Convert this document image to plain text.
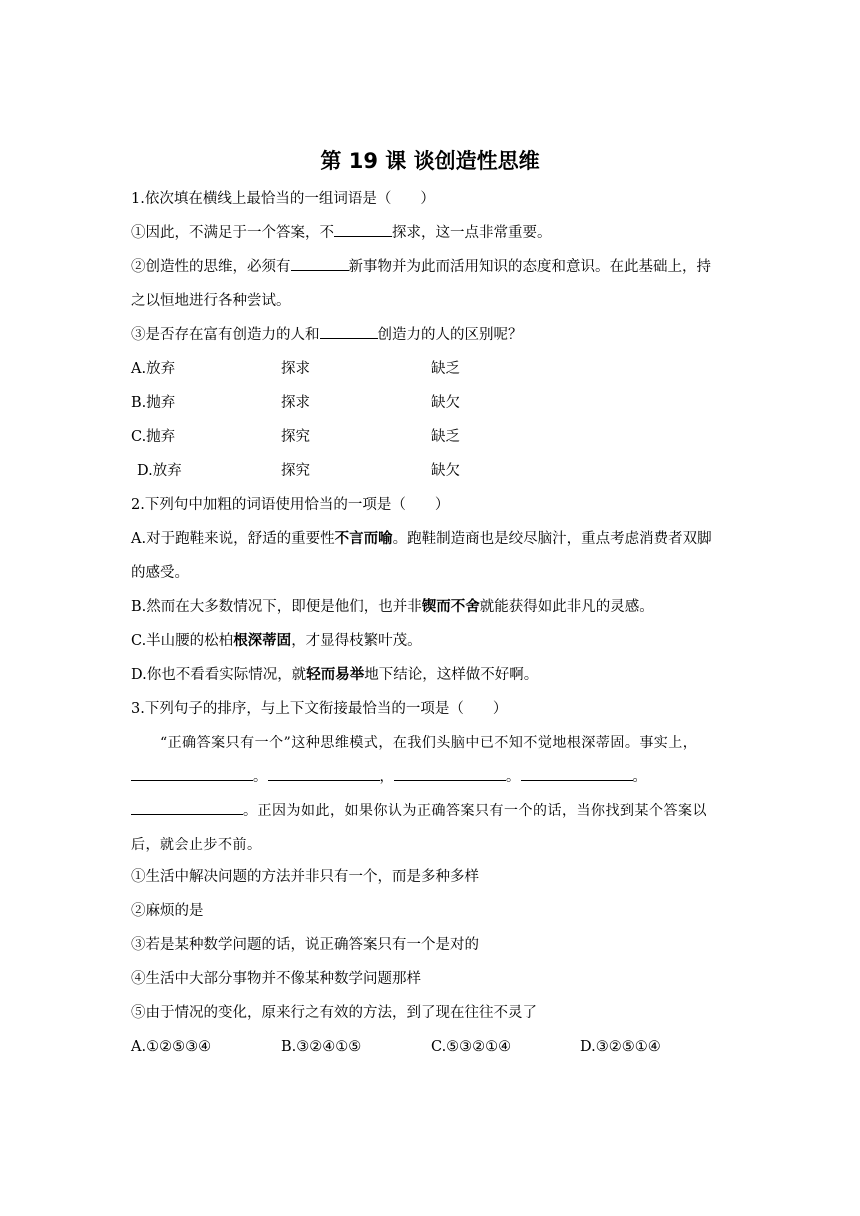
第 19 课 谈创造性思维
1.依次填在横线上最恰当的一组词语是（　　）
①因此，不满足于一个答案，不	探求，这一点非常重要。
②创造性的思维，必须有	新事物并为此而活用知识的态度和意识。在此基础上，持
之以恒地进行各种尝试。
③是否存在富有创造力的人和	创造力的人的区别呢？
A.放弃	探求	缺乏
B.抛弃	探求	缺欠
C.抛弃	探究	缺乏
D.放弃	探究	缺欠
2.下列句中加粗的词语使用恰当的一项是（　　）
A.对于跑鞋来说，舒适的重要性不言而喻。跑鞋制造商也是绞尽脑汁，重点考虑消费者双脚
的感受。
B.然而在大多数情况下，即便是他们，也并非锲而不舍就能获得如此非凡的灵感。
C.半山腰的松柏根深蒂固，才显得枝繁叶茂。
D.你也不看看实际情况，就轻而易举地下结论，这样做不好啊。
3.下列句子的排序，与上下文衔接最恰当的一项是（　　）
“正确答案只有一个”这种思维模式，在我们头脑中已不知不觉地根深蒂固。事实上，
。	，	。	。
。正因为如此，如果你认为正确答案只有一个的话，当你找到某个答案以
后，就会止步不前。
①生活中解决问题的方法并非只有一个，而是多种多样
②麻烦的是
③若是某种数学问题的话，说正确答案只有一个是对的
④生活中大部分事物并不像某种数学问题那样
⑤由于情况的变化，原来行之有效的方法，到了现在往往不灵了
A.①②⑤③④	B.③②④①⑤	C.⑤③②①④	D.③②⑤①④
